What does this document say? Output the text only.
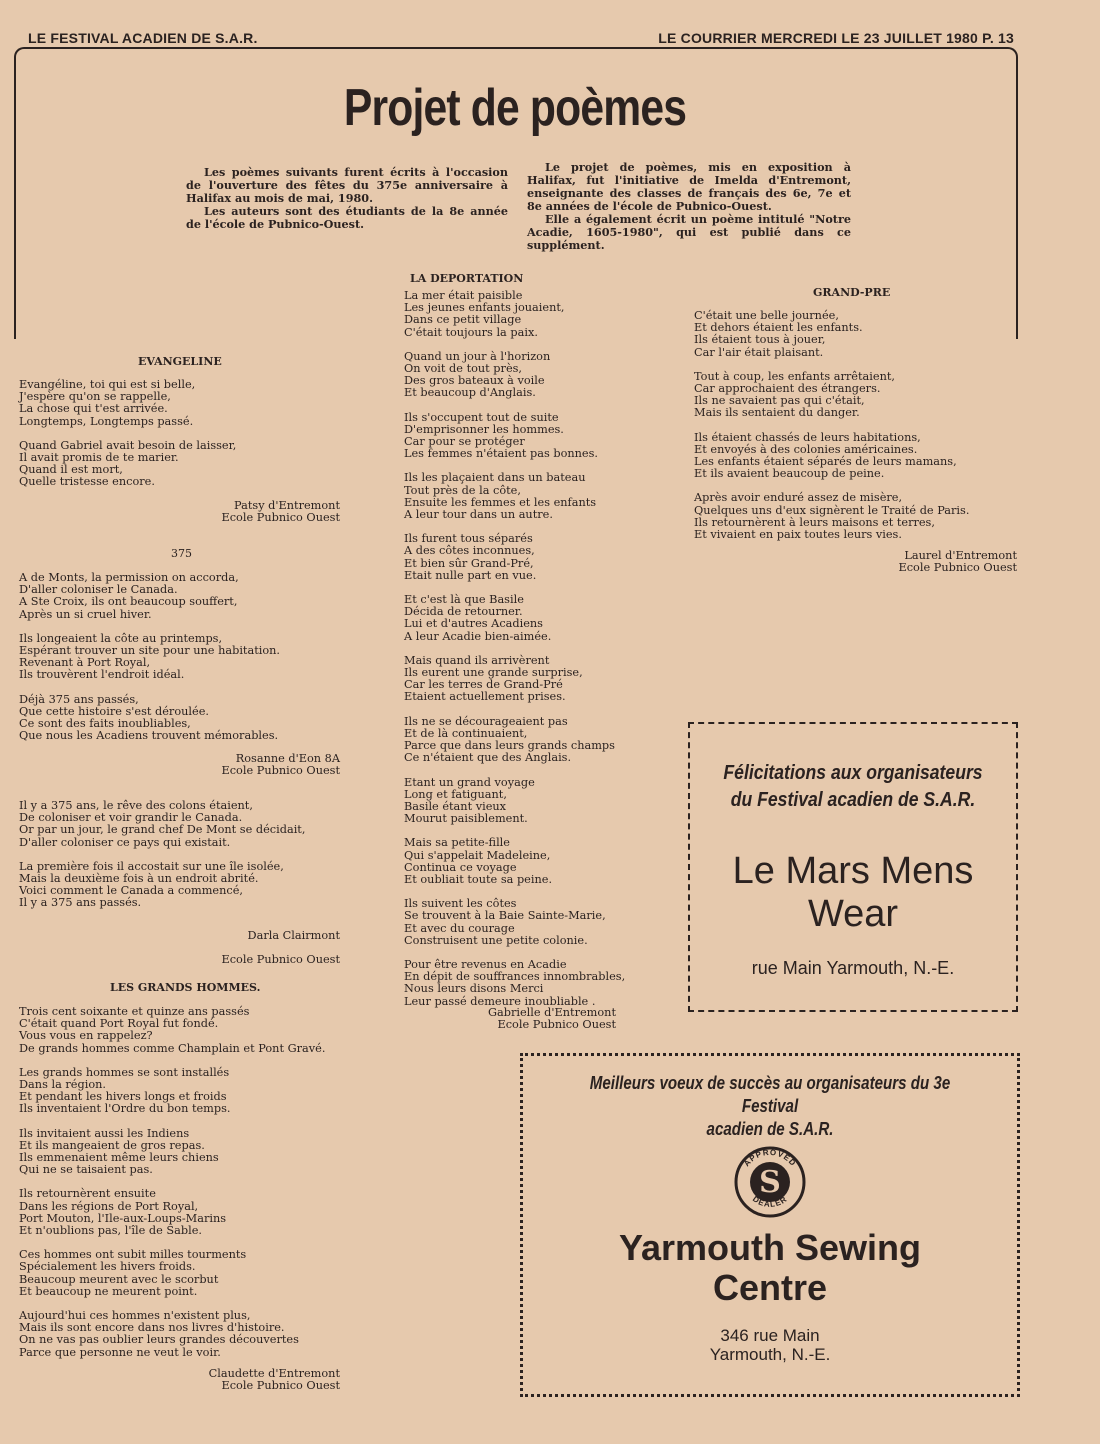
LE FESTIVAL ACADIEN DE S.A.R.	LE COURRIER MERCREDI LE 23 JUILLET 1980 P. 13
Projet de poèmes

Les poèmes suivants furent écrits à l'occasion de l'ouverture des fêtes du 375e anniversaire à Halifax au mois de mai, 1980.

Les auteurs sont des étudiants de la 8e année de l'école de Pubnico-Ouest.

Le projet de poèmes, mis en exposition à Halifax, fut l'initiative de Imelda d'Entremont, enseignante des classes de français des 6e, 7e et 8e années de l'école de Pubnico-Ouest.

Elle a également écrit un poème intitulé "Notre Acadie, 1605-1980", qui est publié dans ce supplément.

EVANGELINE
Evangéline, toi qui est si belle,
J'espère qu'on se rappelle,
La chose qui t'est arrivée.
Longtemps, Longtemps passé.
Quand Gabriel avait besoin de laisser,
Il avait promis de te marier.
Quand il est mort,
Quelle tristesse encore.
Patsy d'Entremont
Ecole Pubnico Ouest
375
A de Monts, la permission on accorda,
D'aller coloniser le Canada.
A Ste Croix, ils ont beaucoup souffert,
Après un si cruel hiver.
Ils longeaient la côte au printemps,
Espérant trouver un site pour une habitation.
Revenant à Port Royal,
Ils trouvèrent l'endroit idéal.
Déjà 375 ans passés,
Que cette histoire s'est déroulée.
Ce sont des faits inoubliables,
Que nous les Acadiens trouvent mémorables.
Rosanne d'Eon 8A
Ecole Pubnico Ouest
Il y a 375 ans, le rêve des colons étaient,
De coloniser et voir grandir le Canada.
Or par un jour, le grand chef De Mont se décidait,
D'aller coloniser ce pays qui existait.
La première fois il accostait sur une île isolée,
Mais la deuxième fois à un endroit abrité.
Voici comment le Canada a commencé,
Il y a 375 ans passés.
Darla Clairmont
Ecole Pubnico Ouest
LES GRANDS HOMMES.
Trois cent soixante et quinze ans passés
C'était quand Port Royal fut fondé.
Vous vous en rappelez?
De grands hommes comme Champlain et Pont Gravé.
Les grands hommes se sont installés
Dans la région.
Et pendant les hivers longs et froids
Ils inventaient l'Ordre du bon temps.
Ils invitaient aussi les Indiens
Et ils mangeaient de gros repas.
Ils emmenaient même leurs chiens
Qui ne se taisaient pas.
Ils retournèrent ensuite
Dans les régions de Port Royal,
Port Mouton, l'Ile-aux-Loups-Marins
Et n'oublions pas, l'île de Sable.
Ces hommes ont subit milles tourments
Spécialement les hivers froids.
Beaucoup meurent avec le scorbut
Et beaucoup ne meurent point.
Aujourd'hui ces hommes n'existent plus,
Mais ils sont encore dans nos livres d'histoire.
On ne vas pas oublier leurs grandes découvertes
Parce que personne ne veut le voir.
Claudette d'Entremont
Ecole Pubnico Ouest
LA DEPORTATION
La mer était paisible
Les jeunes enfants jouaient,
Dans ce petit village
C'était toujours la paix.
Quand un jour à l'horizon
On voit de tout près,
Des gros bateaux à voile
Et beaucoup d'Anglais.
Ils s'occupent tout de suite
D'emprisonner les hommes.
Car pour se protéger
Les femmes n'étaient pas bonnes.
Ils les plaçaient dans un bateau
Tout près de la côte,
Ensuite les femmes et les enfants
A leur tour dans un autre.
Ils furent tous séparés
A des côtes inconnues,
Et bien sûr Grand-Pré,
Etait nulle part en vue.
Et c'est là que Basile
Décida de retourner.
Lui et d'autres Acadiens
A leur Acadie bien-aimée.
Mais quand ils arrivèrent
Ils eurent une grande surprise,
Car les terres de Grand-Pré
Etaient actuellement prises.
Ils ne se décourageaient pas
Et de là continuaient,
Parce que dans leurs grands champs
Ce n'étaient que des Anglais.
Etant un grand voyage
Long et fatiguant,
Basile étant vieux
Mourut paisiblement.
Mais sa petite-fille
Qui s'appelait Madeleine,
Continua ce voyage
Et oubliait toute sa peine.
Ils suivent les côtes
Se trouvent à la Baie Sainte-Marie,
Et avec du courage
Construisent une petite colonie.
Pour être revenus en Acadie
En dépit de souffrances innombrables,
Nous leurs disons Merci
Leur passé demeure inoubliable .
Gabrielle d'Entremont
Ecole Pubnico Ouest
GRAND-PRE
C'était une belle journée,
Et dehors étaient les enfants.
Ils étaient tous à jouer,
Car l'air était plaisant.
Tout à coup, les enfants arrêtaient,
Car approchaient des étrangers.
Ils ne savaient pas qui c'était,
Mais ils sentaient du danger.
Ils étaient chassés de leurs habitations,
Et envoyés à des colonies américaines.
Les enfants étaient séparés de leurs mamans,
Et ils avaient beaucoup de peine.
Après avoir enduré assez de misère,
Quelques uns d'eux signèrent le Traité de Paris.
Ils retournèrent à leurs maisons et terres,
Et vivaient en paix toutes leurs vies.
Laurel d'Entremont
Ecole Pubnico Ouest
Félicitations aux organisateurs
du Festival acadien de S.A.R.
Le Mars Mens
Wear
rue Main Yarmouth, N.-E.
Meilleurs voeux de succès au organisateurs du 3e Festival
acadien de S.A.R.
APPROVED
DEALER
S
Yarmouth Sewing
Centre
346 rue Main
Yarmouth, N.-E.
